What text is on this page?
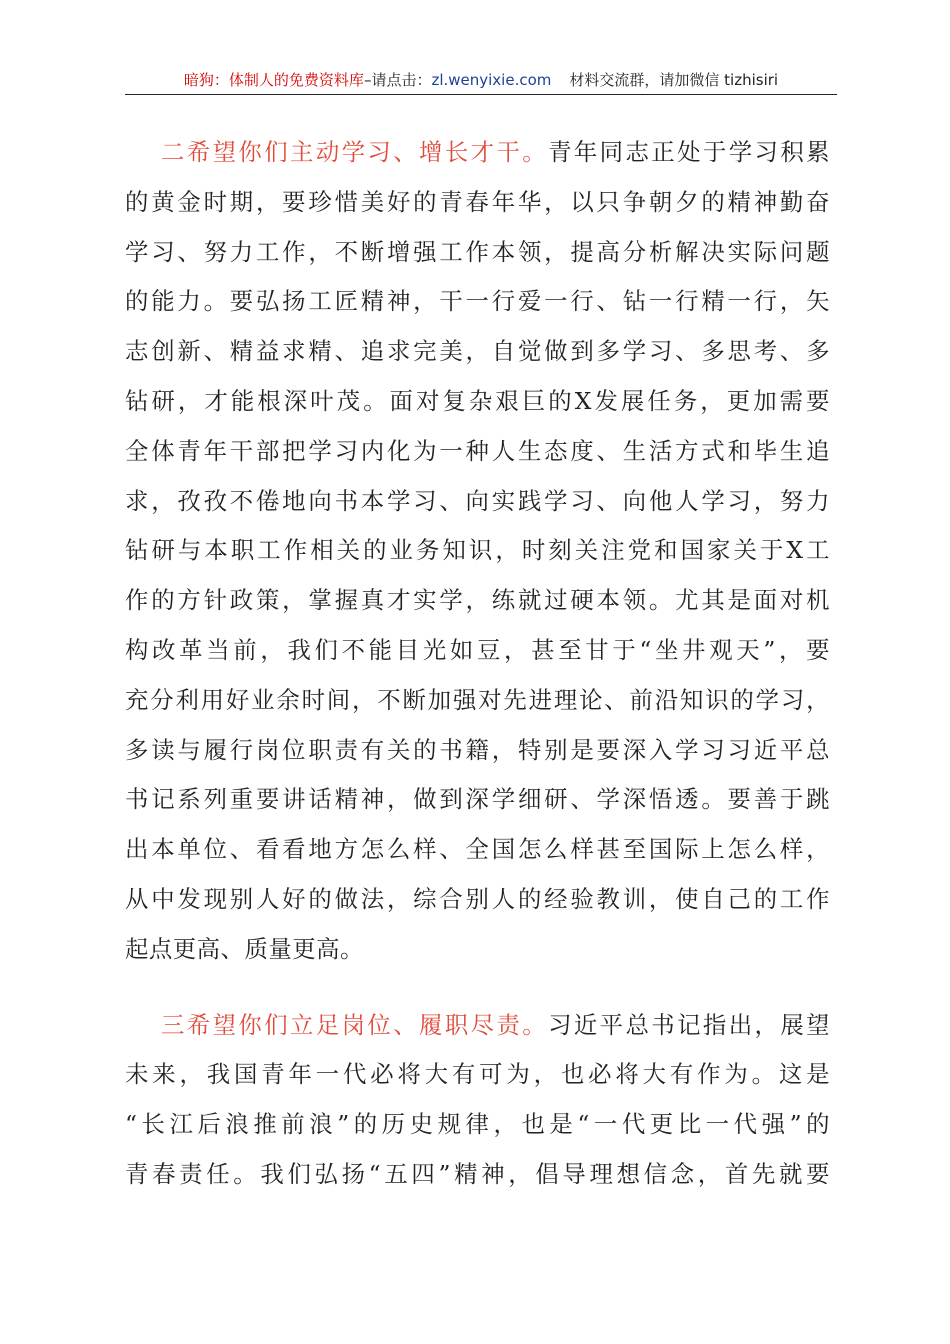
暗狗：体制人的免费资料库–请点击：zl.wenyixie.com 材料交流群，请加微信 tizhisiri

二希望你们主动学习、增长才干。青年同志正处于学习积累
的黄金时期，要珍惜美好的青春年华，以只争朝夕的精神勤奋
学习、努力工作，不断增强工作本领，提高分析解决实际问题
的能力。要弘扬工匠精神，干一行爱一行、钻一行精一行，矢
志创新、精益求精、追求完美，自觉做到多学习、多思考、多
钻研，才能根深叶茂。面对复杂艰巨的X发展任务，更加需要
全体青年干部把学习内化为一种人生态度、生活方式和毕生追
求，孜孜不倦地向书本学习、向实践学习、向他人学习，努力
钻研与本职工作相关的业务知识，时刻关注党和国家关于X工
作的方针政策，掌握真才实学，练就过硬本领。尤其是面对机
构改革当前，我们不能目光如豆，甚至甘于“坐井观天”，要
充分利用好业余时间，不断加强对先进理论、前沿知识的学习，
多读与履行岗位职责有关的书籍，特别是要深入学习习近平总
书记系列重要讲话精神，做到深学细研、学深悟透。要善于跳
出本单位、看看地方怎么样、全国怎么样甚至国际上怎么样，
从中发现别人好的做法，综合别人的经验教训，使自己的工作
起点更高、质量更高。

三希望你们立足岗位、履职尽责。习近平总书记指出，展望
未来，我国青年一代必将大有可为，也必将大有作为。这是
“长江后浪推前浪”的历史规律，也是“一代更比一代强”的
青春责任。我们弘扬“五四”精神，倡导理想信念，首先就要
